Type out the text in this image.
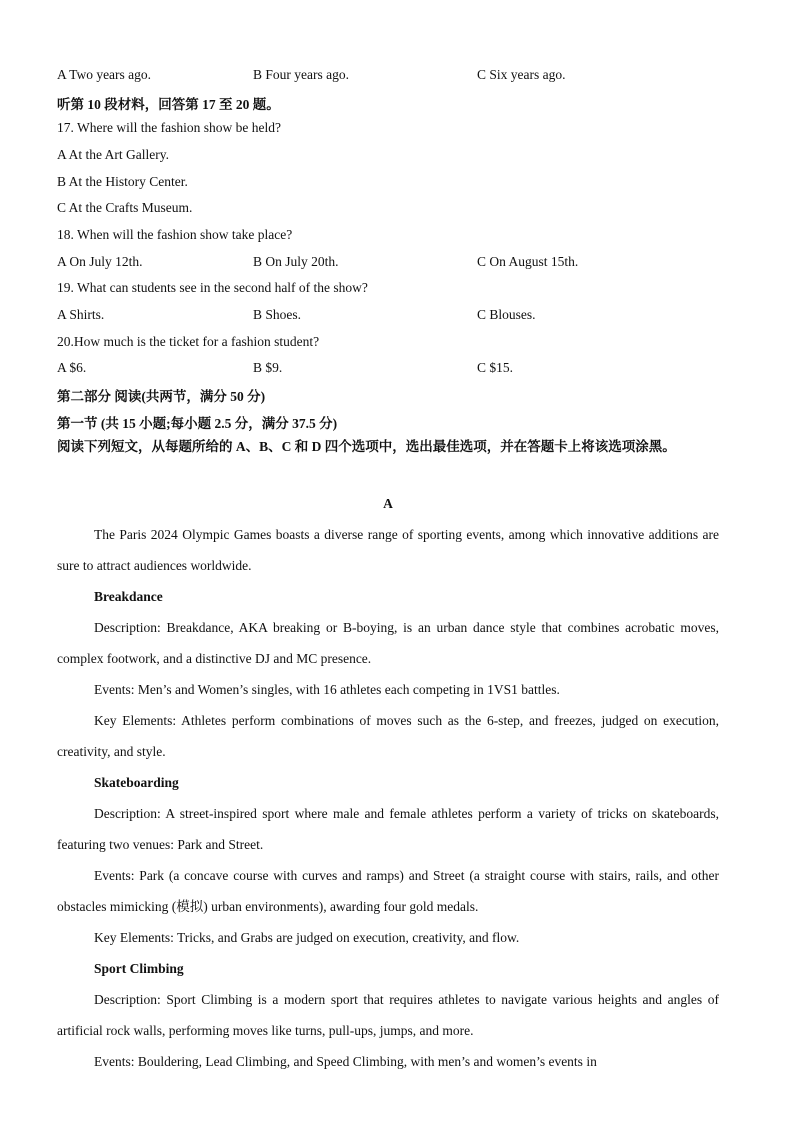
A Two years ago.	B Four years ago.	C Six years ago.
听第 10 段材料，回答第 17 至 20 题。
17. Where will the fashion show be held?
A At the Art Gallery.
B At the History Center.
C At the Crafts Museum.
18. When will the fashion show take place?
A On July 12th.	B On July 20th.	C On August 15th.
19. What can students see in the second half of the show?
A Shirts.	B Shoes.	C Blouses.
20.How much is the ticket for a fashion student?
A $6.	B $9.	C $15.
第二部分 阅读(共两节，满分 50 分)
第一节 (共 15 小题;每小题 2.5 分，满分 37.5 分)

阅读下列短文，从每题所给的 A、B、C 和 D 四个选项中，选出最佳选项，并在答题卡上将该选项涂黑。

A

The Paris 2024 Olympic Games boasts a diverse range of sporting events, among which innovative additions are sure to attract audiences worldwide.

Breakdance

Description: Breakdance, AKA breaking or B-boying, is an urban dance style that combines acrobatic moves, complex footwork, and a distinctive DJ and MC presence.

Events: Men’s and Women’s singles, with 16 athletes each competing in 1VS1 battles.

Key Elements: Athletes perform combinations of moves such as the 6-step, and freezes, judged on execution, creativity, and style.

Skateboarding

Description: A street-inspired sport where male and female athletes perform a variety of tricks on skateboards, featuring two venues: Park and Street.

Events: Park (a concave course with curves and ramps) and Street (a straight course with stairs, rails, and other obstacles mimicking (模拟) urban environments), awarding four gold medals.

Key Elements: Tricks, and Grabs are judged on execution, creativity, and flow.

Sport Climbing

Description: Sport Climbing is a modern sport that requires athletes to navigate various heights and angles of artificial rock walls, performing moves like turns, pull-ups, jumps, and more.

Events: Bouldering, Lead Climbing, and Speed Climbing, with men’s and women’s events in
